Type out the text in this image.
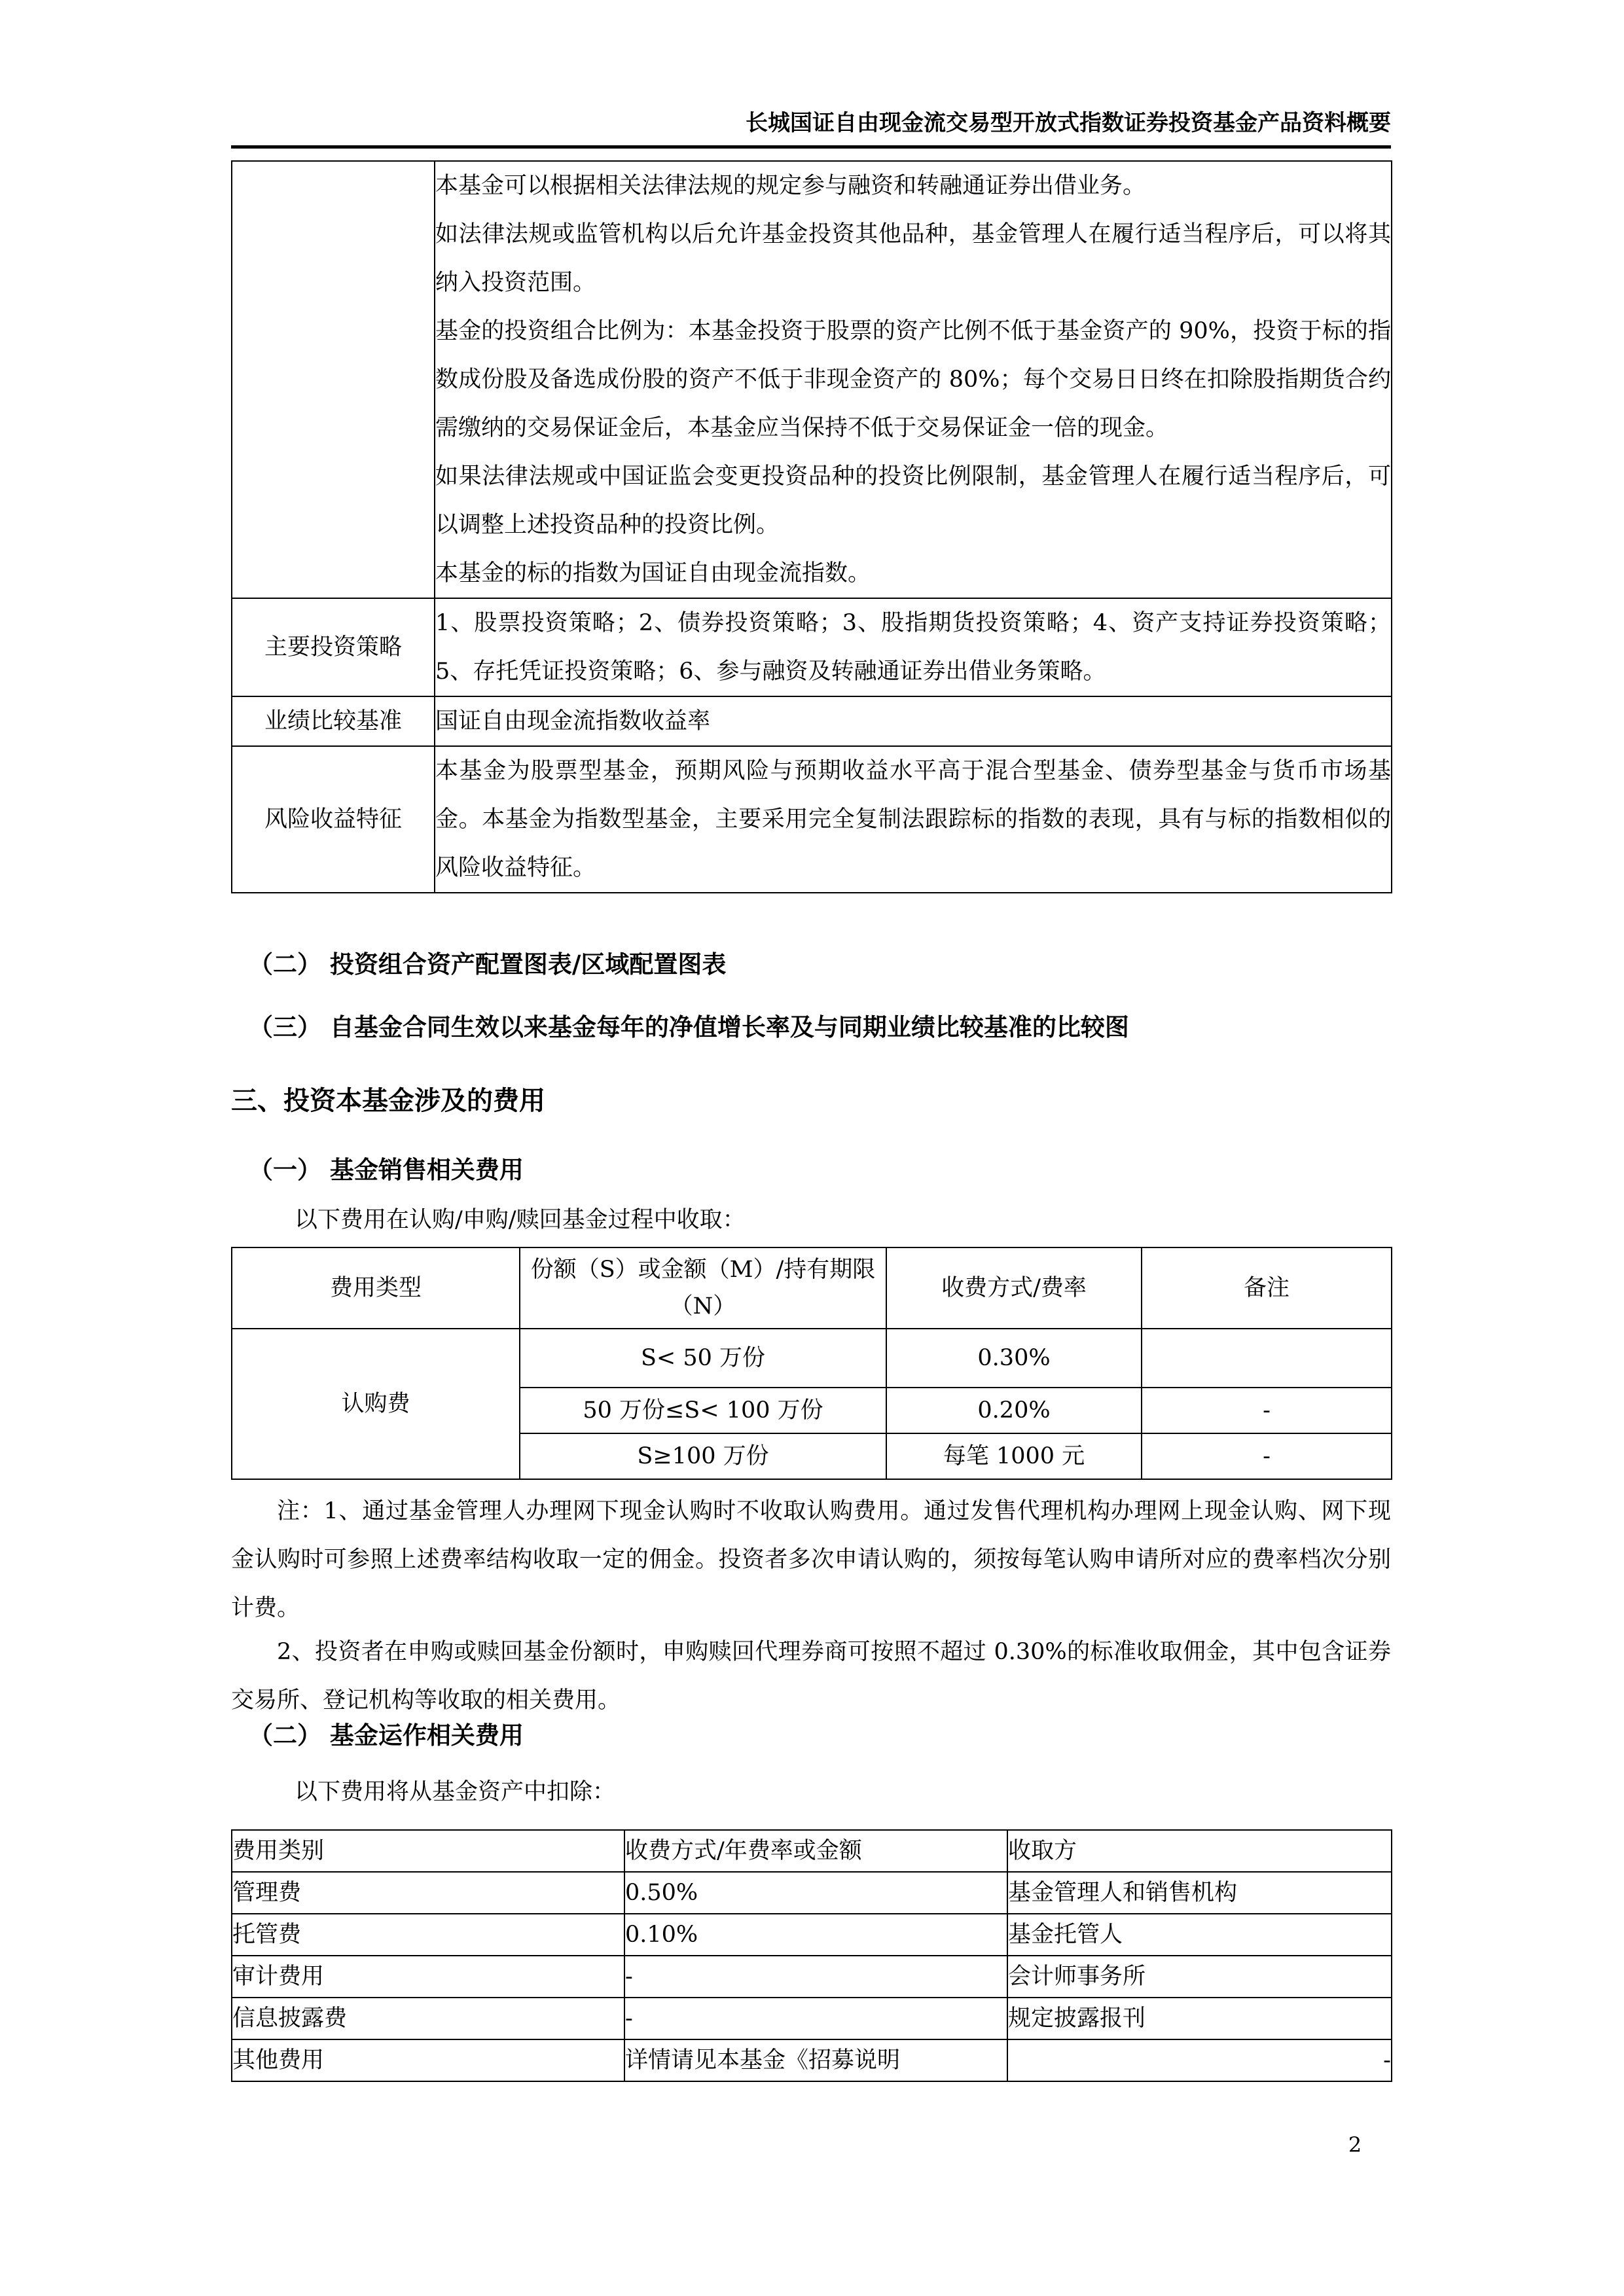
长城国证自由现金流交易型开放式指数证券投资基金产品资料概要

	本基金可以根据相关法律法规的规定参与融资和转融通证券出借业务。
如法律法规或监管机构以后允许基金投资其他品种，基金管理人在履行适当程序后，可以将其纳入投资范围。
基金的投资组合比例为：本基金投资于股票的资产比例不低于基金资产的 90%，投资于标的指数成份股及备选成份股的资产不低于非现金资产的 80%；每个交易日日终在扣除股指期货合约需缴纳的交易保证金后，本基金应当保持不低于交易保证金一倍的现金。
如果法律法规或中国证监会变更投资品种的投资比例限制，基金管理人在履行适当程序后，可以调整上述投资品种的投资比例。
本基金的标的指数为国证自由现金流指数。

主要投资策略	1、股票投资策略；2、债券投资策略；3、股指期货投资策略；4、资产支持证券投资策略；5、存托凭证投资策略；6、参与融资及转融通证券出借业务策略。

业绩比较基准	国证自由现金流指数收益率

风险收益特征	本基金为股票型基金，预期风险与预期收益水平高于混合型基金、债券型基金与货币市场基金。本基金为指数型基金，主要采用完全复制法跟踪标的指数的表现，具有与标的指数相似的风险收益特征。
（二） 投资组合资产配置图表/区域配置图表
（三） 自基金合同生效以来基金每年的净值增长率及与同期业绩比较基准的比较图
三、投资本基金涉及的费用
（一） 基金销售相关费用
以下费用在认购/申购/赎回基金过程中收取：
费用类型	份额（S）或金额（M）/持有期限（N）	收费方式/费率	备注
认购费	S< 50 万份	0.30%	
	50 万份≤S< 100 万份	0.20%	-
	S≥100 万份	每笔 1000 元	-
注：1、通过基金管理人办理网下现金认购时不收取认购费用。通过发售代理机构办理网上现金认购、网下现金认购时可参照上述费率结构收取一定的佣金。投资者多次申请认购的，须按每笔认购申请所对应的费率档次分别计费。
2、投资者在申购或赎回基金份额时，申购赎回代理券商可按照不超过 0.30%的标准收取佣金，其中包含证券交易所、登记机构等收取的相关费用。
（二） 基金运作相关费用
以下费用将从基金资产中扣除：
费用类别	收费方式/年费率或金额	收取方
管理费	0.50%	基金管理人和销售机构
托管费	0.10%	基金托管人
审计费用	-	会计师事务所
信息披露费	-	规定披露报刊
其他费用	详情请见本基金《招募说明	-
2
